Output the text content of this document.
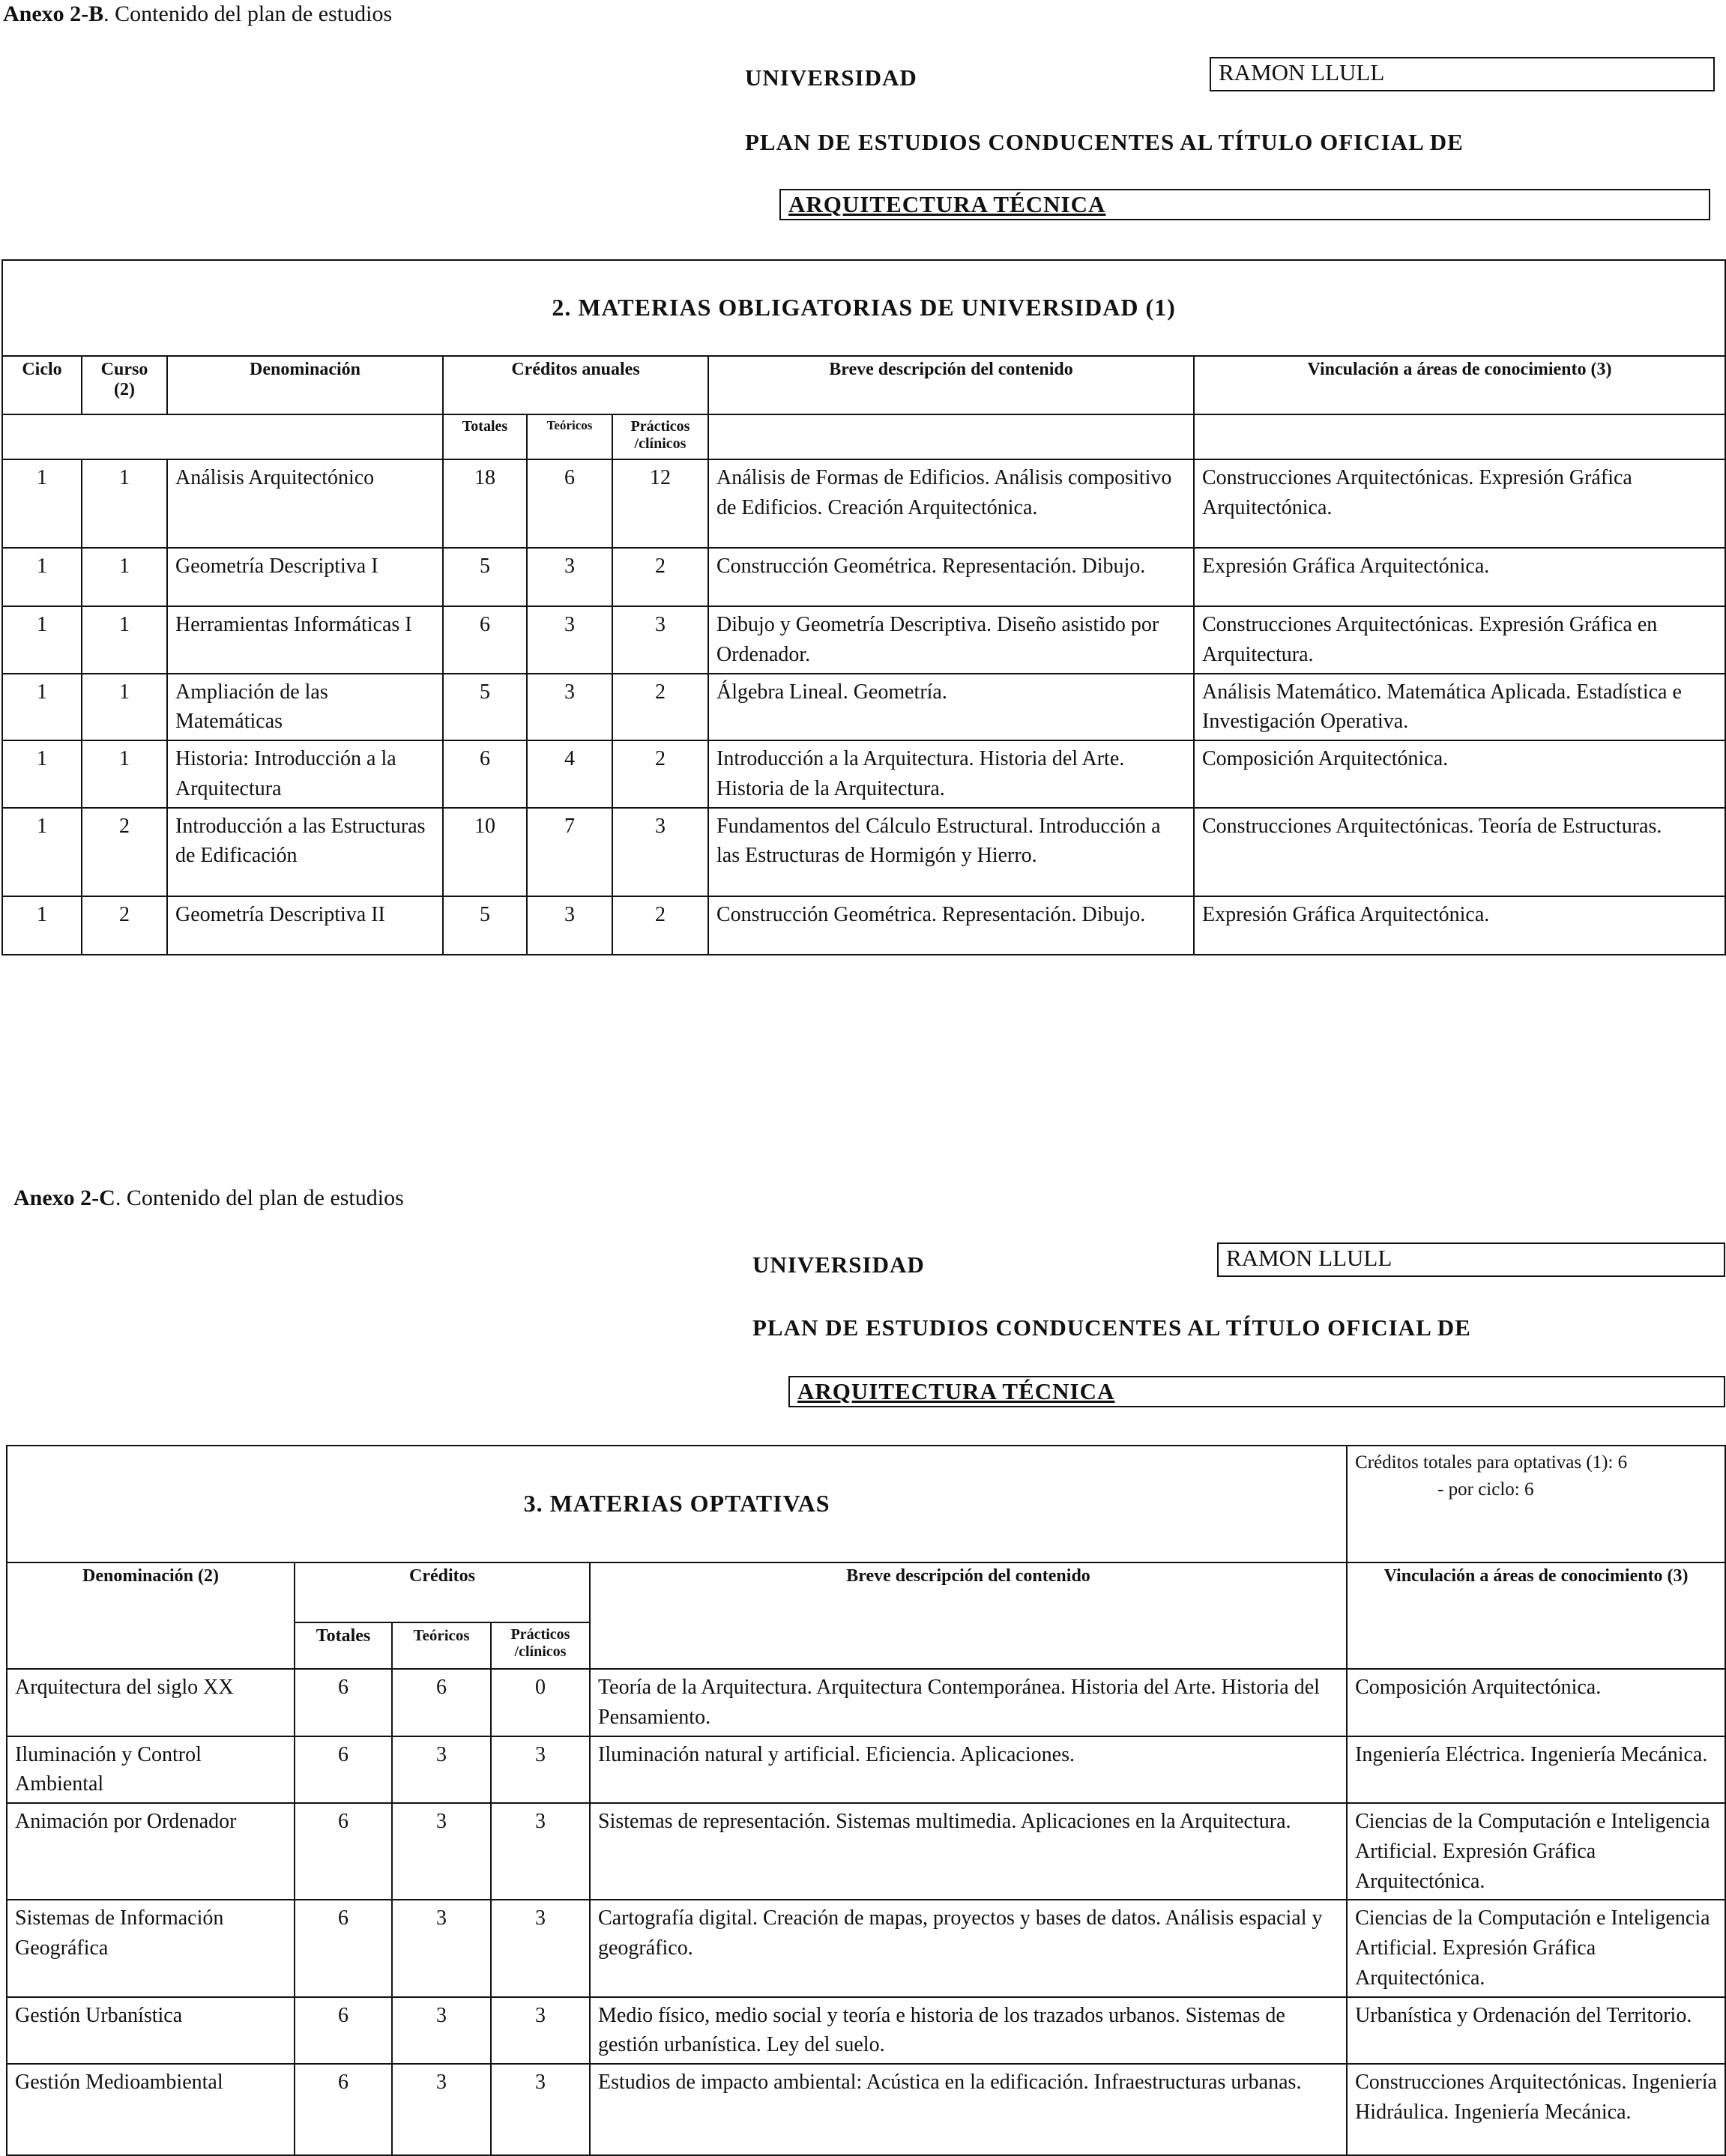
Anexo 2-B. Contenido del plan de estudios
UNIVERSIDAD	RAMON LLULL
PLAN DE ESTUDIOS CONDUCENTES AL TÍTULO OFICIAL DE
ARQUITECTURA TÉCNICA
2. MATERIAS OBLIGATORIAS DE UNIVERSIDAD (1)							
Ciclo	Curso (2)	Denominación	Créditos anuales			Breve descripción del contenido	Vinculación a áreas de conocimiento (3)
			Totales	Teóricos	Prácticos /clínicos		
1	1	Análisis Arquitectónico	18	6	12	Análisis de Formas de Edificios. Análisis compositivo de Edificios. Creación Arquitectónica.	Construcciones Arquitectónicas. Expresión Gráfica Arquitectónica.
1	1	Geometría Descriptiva I	5	3	2	Construcción Geométrica. Representación. Dibujo.	Expresión Gráfica Arquitectónica.
1	1	Herramientas Informáticas I	6	3	3	Dibujo y Geometría Descriptiva. Diseño asistido por Ordenador.	Construcciones Arquitectónicas. Expresión Gráfica en Arquitectura.
1	1	Ampliación de las Matemáticas	5	3	2	Álgebra Lineal. Geometría.	Análisis Matemático. Matemática Aplicada. Estadística e Investigación Operativa.
1	1	Historia: Introducción a la Arquitectura	6	4	2	Introducción a la Arquitectura. Historia del Arte. Historia de la Arquitectura.	Composición Arquitectónica.
1	2	Introducción a las Estructuras de Edificación	10	7	3	Fundamentos del Cálculo Estructural. Introducción a las Estructuras de Hormigón y Hierro.	Construcciones Arquitectónicas. Teoría de Estructuras.
1	2	Geometría Descriptiva II	5	3	2	Construcción Geométrica. Representación. Dibujo.	Expresión Gráfica Arquitectónica.
Anexo 2-C. Contenido del plan de estudios
UNIVERSIDAD	RAMON LLULL
PLAN DE ESTUDIOS CONDUCENTES AL TÍTULO OFICIAL DE
ARQUITECTURA TÉCNICA
3. MATERIAS OPTATIVAS					Créditos totales para optativas (1): 6
- por ciclo: 6

Denominación (2)	Créditos			Breve descripción del contenido	Vinculación a áreas de conocimiento (3)
	Totales	Teóricos	Prácticos /clínicos		
Arquitectura del siglo XX	6	6	0	Teoría de la Arquitectura. Arquitectura Contemporánea. Historia del Arte. Historia del Pensamiento.	Composición Arquitectónica.
Iluminación y Control Ambiental	6	3	3	Iluminación natural y artificial. Eficiencia. Aplicaciones.	Ingeniería Eléctrica. Ingeniería Mecánica.
Animación por Ordenador	6	3	3	Sistemas de representación. Sistemas multimedia. Aplicaciones en la Arquitectura.	Ciencias de la Computación e Inteligencia Artificial. Expresión Gráfica Arquitectónica.
Sistemas de Información Geográfica	6	3	3	Cartografía digital. Creación de mapas, proyectos y bases de datos. Análisis espacial y geográfico.	Ciencias de la Computación e Inteligencia Artificial. Expresión Gráfica Arquitectónica.
Gestión Urbanística	6	3	3	Medio físico, medio social y teoría e historia de los trazados urbanos. Sistemas de gestión urbanística. Ley del suelo.	Urbanística y Ordenación del Territorio.
Gestión Medioambiental	6	3	3	Estudios de impacto ambiental: Acústica en la edificación. Infraestructuras urbanas.	Construcciones Arquitectónicas. Ingeniería Hidráulica. Ingeniería Mecánica.
